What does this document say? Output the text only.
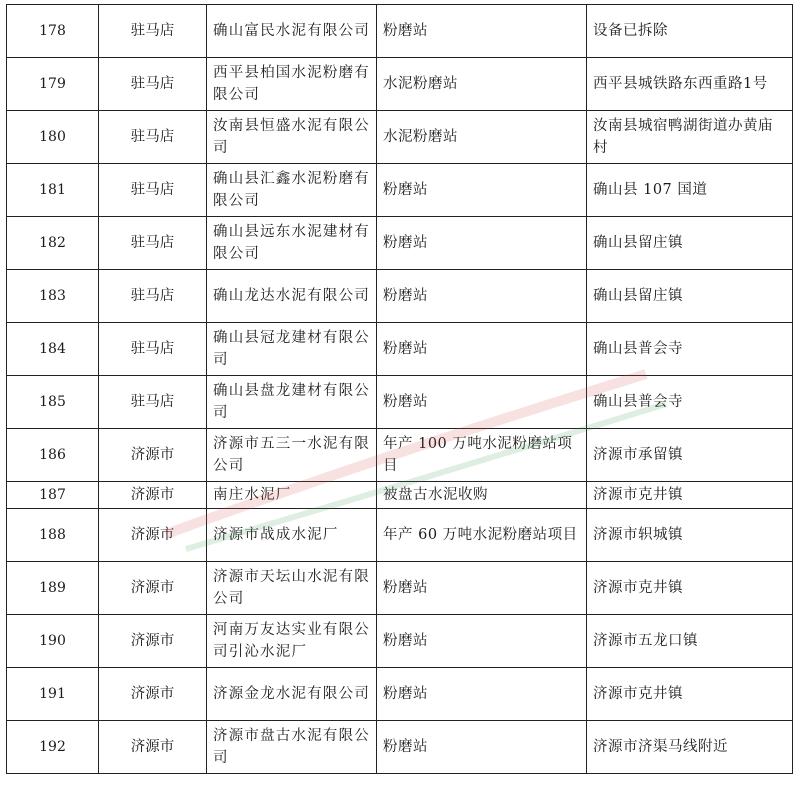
178	驻马店	确山富民水泥有限公司	粉磨站	设备已拆除
179	驻马店	西平县柏国水泥粉磨有限公司	水泥粉磨站	西平县城铁路东西重路1号
180	驻马店	汝南县恒盛水泥有限公司	水泥粉磨站	汝南县城宿鸭湖街道办黄庙村
181	驻马店	确山县汇鑫水泥粉磨有限公司	粉磨站	确山县 107 国道
182	驻马店	确山县远东水泥建材有限公司	粉磨站	确山县留庄镇
183	驻马店	确山龙达水泥有限公司	粉磨站	确山县留庄镇
184	驻马店	确山县冠龙建材有限公司	粉磨站	确山县普会寺
185	驻马店	确山县盘龙建材有限公司	粉磨站	确山县普会寺
186	济源市	济源市五三一水泥有限公司	年产 100 万吨水泥粉磨站项目	济源市承留镇
187	济源市	南庄水泥厂	被盘古水泥收购	济源市克井镇
188	济源市	济源市战成水泥厂	年产 60 万吨水泥粉磨站项目	济源市轵城镇
189	济源市	济源市天坛山水泥有限公司	粉磨站	济源市克井镇
190	济源市	河南万友达实业有限公司引沁水泥厂	粉磨站	济源市五龙口镇
191	济源市	济源金龙水泥有限公司	粉磨站	济源市克井镇
192	济源市	济源市盘古水泥有限公司	粉磨站	济源市济渠马线附近
